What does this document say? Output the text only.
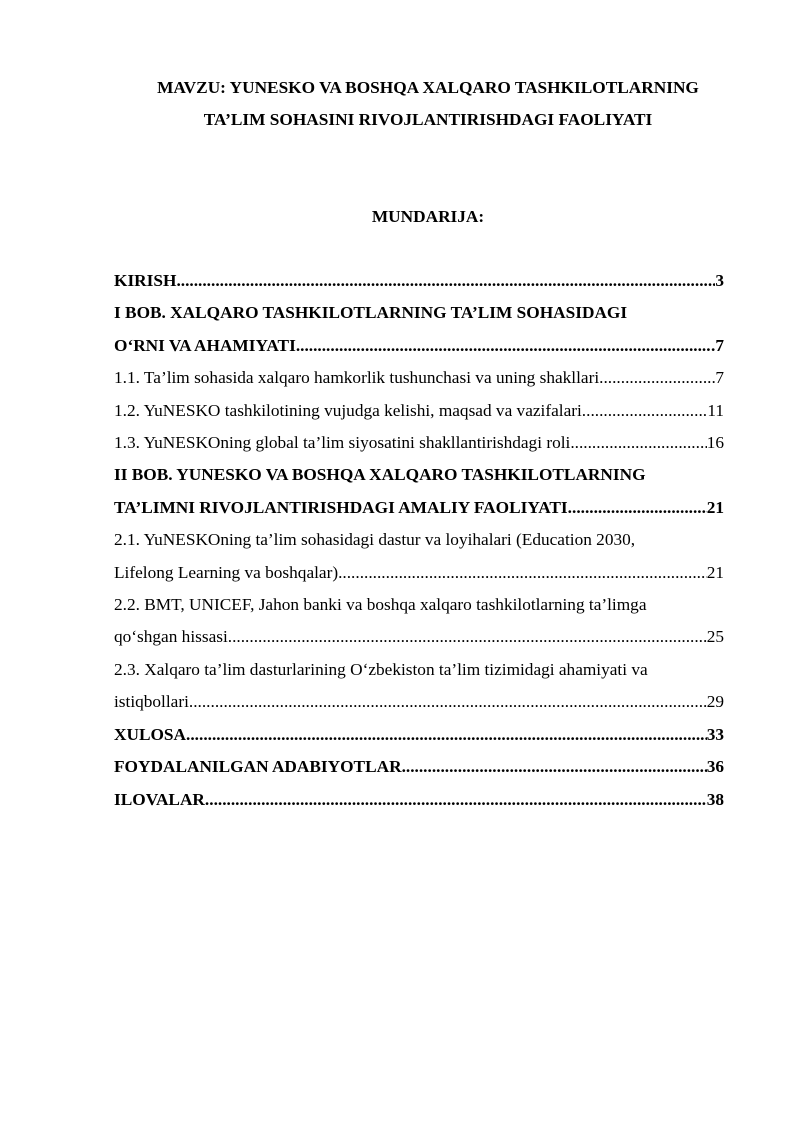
MAVZU: YUNESKO VA BOSHQA XALQARO TASHKILOTLARNING
TA’LIM SOHASINI RIVOJLANTIRISHDAGI FAOLIYATI
MUNDARIJA:
KIRISH .....	3
I BOB. XALQARO TASHKILOTLARNING TA’LIM SOHASIDAGI
O‘RNI VA AHAMIYATI .....	.7
1.1. Ta’lim sohasida xalqaro hamkorlik tushunchasi va uning shakllari .....	7
1.2. YuNESKO tashkilotining vujudga kelishi, maqsad va vazifalari .....	11
1.3. YuNESKOning global ta’lim siyosatini shakllantirishdagi roli .....	16
II BOB. YUNESKO VA BOSHQA XALQARO TASHKILOTLARNING
TA’LIMNI RIVOJLANTIRISHDAGI AMALIY FAOLIYATI .....	21
2.1. YuNESKOning ta’lim sohasidagi dastur va loyihalari (Education 2030,
Lifelong Learning va boshqalar) .....	21
2.2. BMT, UNICEF, Jahon banki va boshqa xalqaro tashkilotlarning ta’limga
qo‘shgan hissasi .....	25
2.3. Xalqaro ta’lim dasturlarining O‘zbekiston ta’lim tizimidagi ahamiyati va
istiqbollari .....	29
XULOSA .....	33
FOYDALANILGAN ADABIYOTLAR .....	36
ILOVALAR .....	38
